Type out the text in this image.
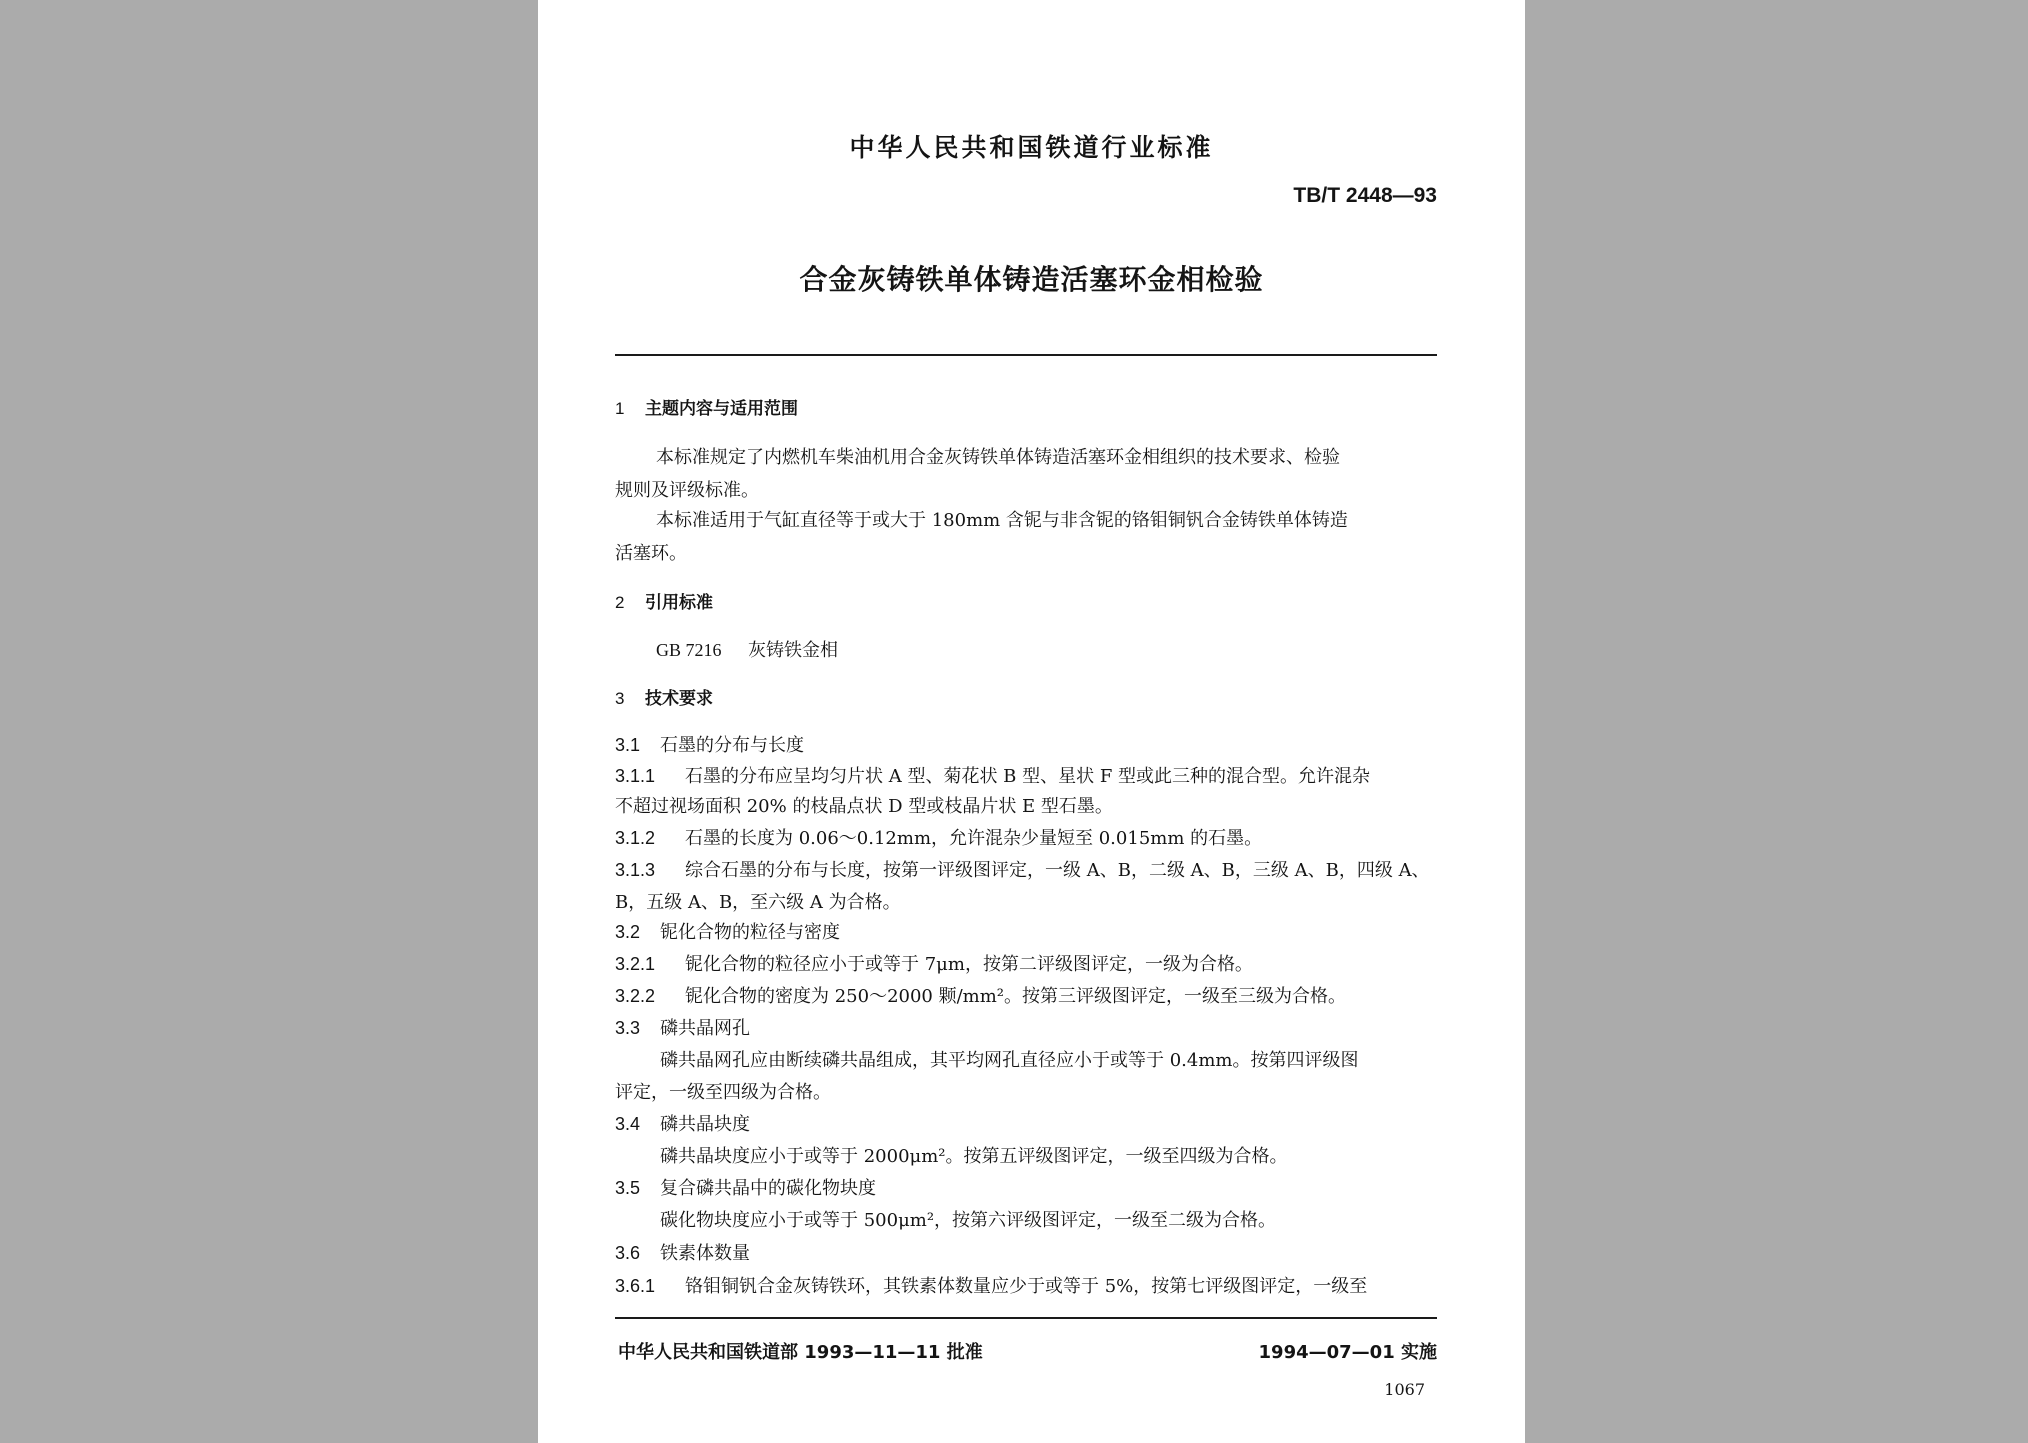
中华人民共和国铁道行业标准
TB/T 2448—93
合金灰铸铁单体铸造活塞环金相检验
1 主题内容与适用范围
本标准规定了内燃机车柴油机用合金灰铸铁单体铸造活塞环金相组织的技术要求、检验
规则及评级标准。
本标准适用于气缸直径等于或大于 180mm 含铌与非含铌的铬钼铜钒合金铸铁单体铸造
活塞环。
2 引用标准
GB 7216 灰铸铁金相
3 技术要求
3.1 石墨的分布与长度
3.1.1 石墨的分布应呈均匀片状 A 型、菊花状 B 型、星状 F 型或此三种的混合型。允许混杂
不超过视场面积 20% 的枝晶点状 D 型或枝晶片状 E 型石墨。
3.1.2 石墨的长度为 0.06～0.12mm，允许混杂少量短至 0.015mm 的石墨。
3.1.3 综合石墨的分布与长度，按第一评级图评定，一级 A、B，二级 A、B，三级 A、B，四级 A、
B，五级 A、B，至六级 A 为合格。
3.2 铌化合物的粒径与密度
3.2.1 铌化合物的粒径应小于或等于 7μm，按第二评级图评定，一级为合格。
3.2.2 铌化合物的密度为 250～2000 颗/mm²。按第三评级图评定，一级至三级为合格。
3.3 磷共晶网孔
磷共晶网孔应由断续磷共晶组成，其平均网孔直径应小于或等于 0.4mm。按第四评级图
评定，一级至四级为合格。
3.4 磷共晶块度
磷共晶块度应小于或等于 2000μm²。按第五评级图评定，一级至四级为合格。
3.5 复合磷共晶中的碳化物块度
碳化物块度应小于或等于 500μm²，按第六评级图评定，一级至二级为合格。
3.6 铁素体数量
3.6.1 铬钼铜钒合金灰铸铁环，其铁素体数量应少于或等于 5%，按第七评级图评定，一级至
中华人民共和国铁道部 1993—11—11 批准	1994—07—01 实施
1067
